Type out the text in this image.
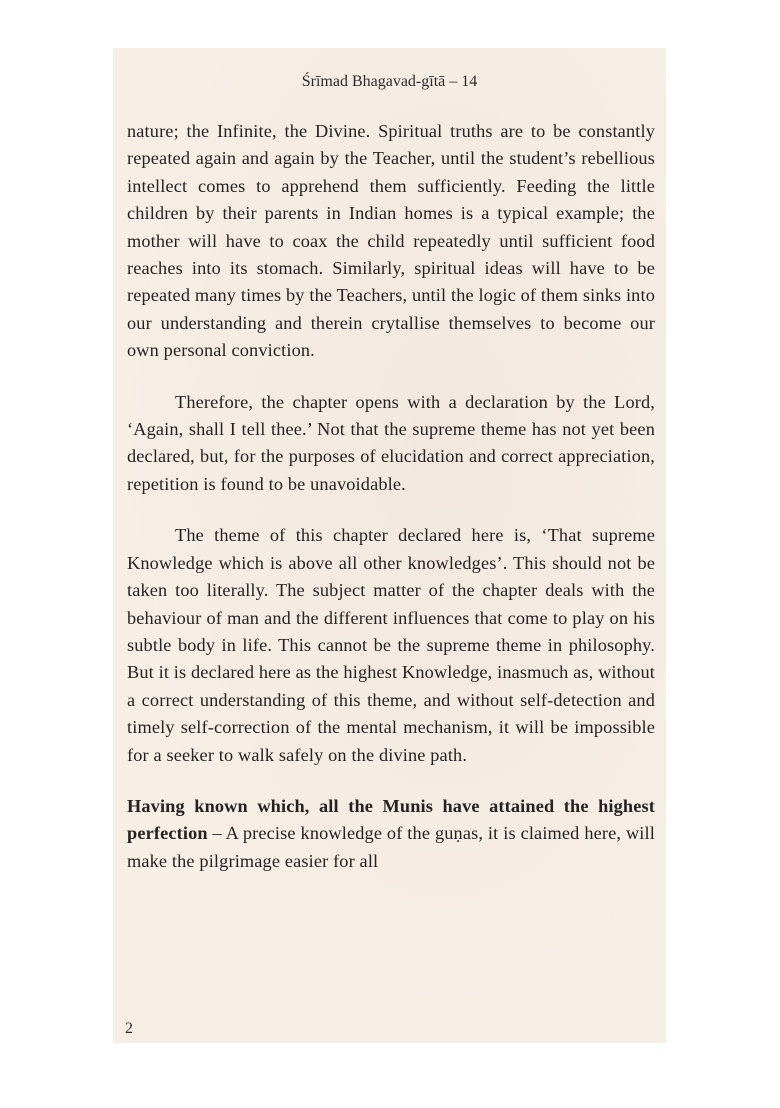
Śrīmad Bhagavad-gītā – 14

nature; the Infinite, the Divine. Spiritual truths are to be constantly repeated again and again by the Teacher, until the student’s rebellious intellect comes to apprehend them sufficiently. Feeding the little children by their parents in Indian homes is a typical example; the mother will have to coax the child repeatedly until sufficient food reaches into its stomach. Similarly, spiritual ideas will have to be repeated many times by the Teachers, until the logic of them sinks into our understanding and therein crytallise themselves to become our own personal conviction.

Therefore, the chapter opens with a declaration by the Lord, ‘Again, shall I tell thee.’ Not that the supreme theme has not yet been declared, but, for the purposes of elucidation and correct appreciation, repetition is found to be unavoidable.

The theme of this chapter declared here is, ‘That supreme Knowledge which is above all other knowledges’. This should not be taken too literally. The subject matter of the chapter deals with the behaviour of man and the different influences that come to play on his subtle body in life. This cannot be the supreme theme in philosophy. But it is declared here as the highest Knowledge, inasmuch as, without a correct understanding of this theme, and without self-detection and timely self-correction of the mental mechanism, it will be impossible for a seeker to walk safely on the divine path.

Having known which, all the Munis have attained the highest perfection – A precise knowledge of the guṇas, it is claimed here, will make the pilgrimage easier for all

2
